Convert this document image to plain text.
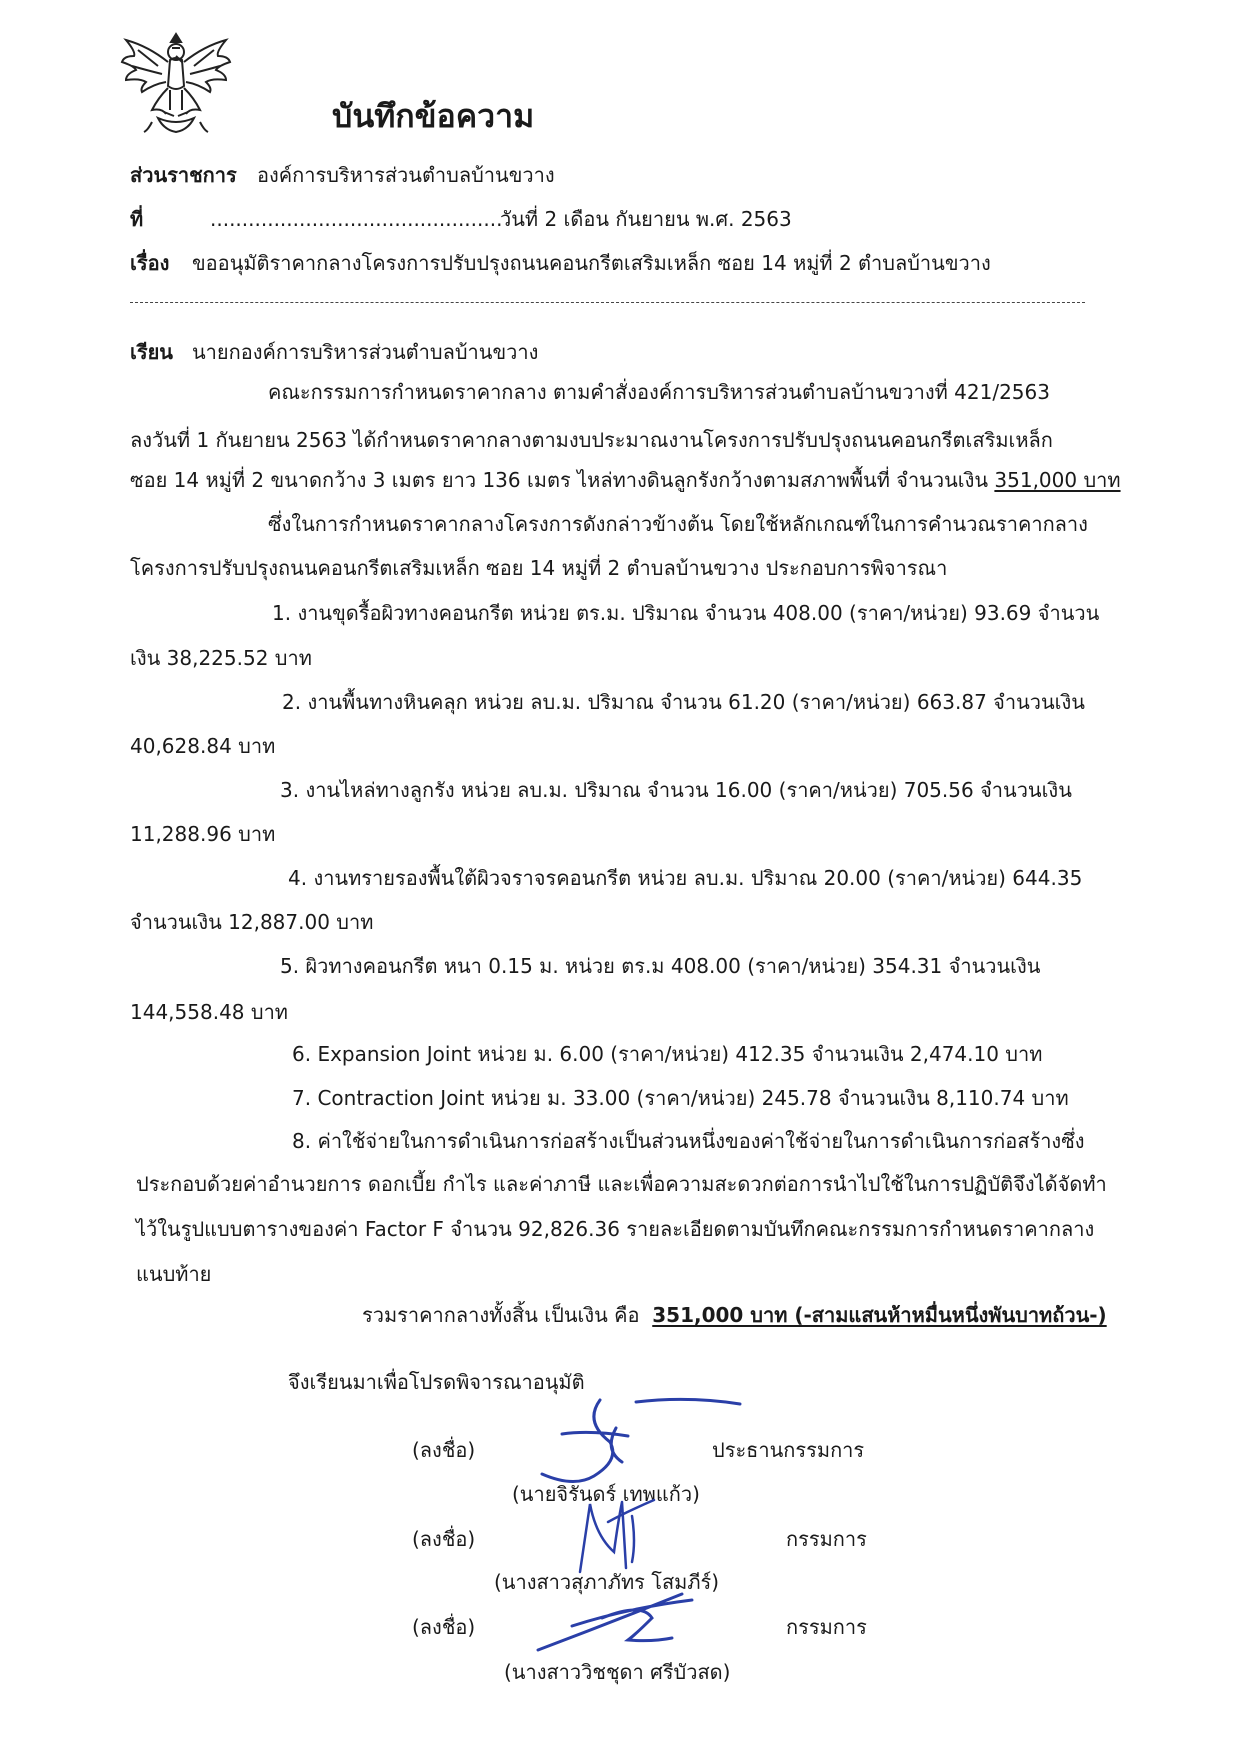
บันทึกข้อความ
ส่วนราชการ องค์การบริหารส่วนตำบลบ้านขวาง
ที่	..............................................
วันที่ 2 เดือน กันยายน พ.ศ. 2563
เรื่อง ขออนุมัติราคากลางโครงการปรับปรุงถนนคอนกรีตเสริมเหล็ก ซอย 14 หมู่ที่ 2 ตำบลบ้านขวาง
เรียน นายกองค์การบริหารส่วนตำบลบ้านขวาง
คณะกรรมการกำหนดราคากลาง ตามคำสั่งองค์การบริหารส่วนตำบลบ้านขวางที่ 421/2563
ลงวันที่ 1 กันยายน 2563 ได้กำหนดราคากลางตามงบประมาณงานโครงการปรับปรุงถนนคอนกรีตเสริมเหล็ก
ซอย 14 หมู่ที่ 2 ขนาดกว้าง 3 เมตร ยาว 136 เมตร ไหล่ทางดินลูกรังกว้างตามสภาพพื้นที่ จำนวนเงิน 351,000 บาท
ซึ่งในการกำหนดราคากลางโครงการดังกล่าวข้างต้น โดยใช้หลักเกณฑ์ในการคำนวณราคากลาง
โครงการปรับปรุงถนนคอนกรีตเสริมเหล็ก ซอย 14 หมู่ที่ 2 ตำบลบ้านขวาง ประกอบการพิจารณา
1. งานขุดรื้อผิวทางคอนกรีต หน่วย ตร.ม. ปริมาณ จำนวน 408.00 (ราคา/หน่วย) 93.69 จำนวน
เงิน 38,225.52 บาท
2. งานพื้นทางหินคลุก หน่วย ลบ.ม. ปริมาณ จำนวน 61.20 (ราคา/หน่วย) 663.87 จำนวนเงิน
40,628.84 บาท
3. งานไหล่ทางลูกรัง หน่วย ลบ.ม. ปริมาณ จำนวน 16.00 (ราคา/หน่วย) 705.56 จำนวนเงิน
11,288.96 บาท
4. งานทรายรองพื้นใต้ผิวจราจรคอนกรีต หน่วย ลบ.ม. ปริมาณ 20.00 (ราคา/หน่วย) 644.35
จำนวนเงิน 12,887.00 บาท
5. ผิวทางคอนกรีต หนา 0.15 ม. หน่วย ตร.ม 408.00 (ราคา/หน่วย) 354.31 จำนวนเงิน
144,558.48 บาท
6. Expansion Joint หน่วย ม. 6.00 (ราคา/หน่วย) 412.35 จำนวนเงิน 2,474.10 บาท
7. Contraction Joint หน่วย ม. 33.00 (ราคา/หน่วย) 245.78 จำนวนเงิน 8,110.74 บาท
8. ค่าใช้จ่ายในการดำเนินการก่อสร้างเป็นส่วนหนึ่งของค่าใช้จ่ายในการดำเนินการก่อสร้างซึ่ง
ประกอบด้วยค่าอำนวยการ ดอกเบี้ย กำไร และค่าภาษี และเพื่อความสะดวกต่อการนำไปใช้ในการปฏิบัติจึงได้จัดทำ
ไว้ในรูปแบบตารางของค่า Factor F จำนวน 92,826.36 รายละเอียดตามบันทึกคณะกรรมการกำหนดราคากลาง
แนบท้าย
รวมราคากลางทั้งสิ้น เป็นเงิน คือ 351,000 บาท (-สามแสนห้าหมื่นหนึ่งพันบาทถ้วน-)
จึงเรียนมาเพื่อโปรดพิจารณาอนุมัติ
(ลงชื่อ)	ประธานกรรมการ
(นายจิรันดร์ เทพแก้ว)
(ลงชื่อ)	กรรมการ
(นางสาวสุภาภัทร โสมภีร์)
(ลงชื่อ)	กรรมการ
(นางสาววิชชุดา ศรีบัวสด)
